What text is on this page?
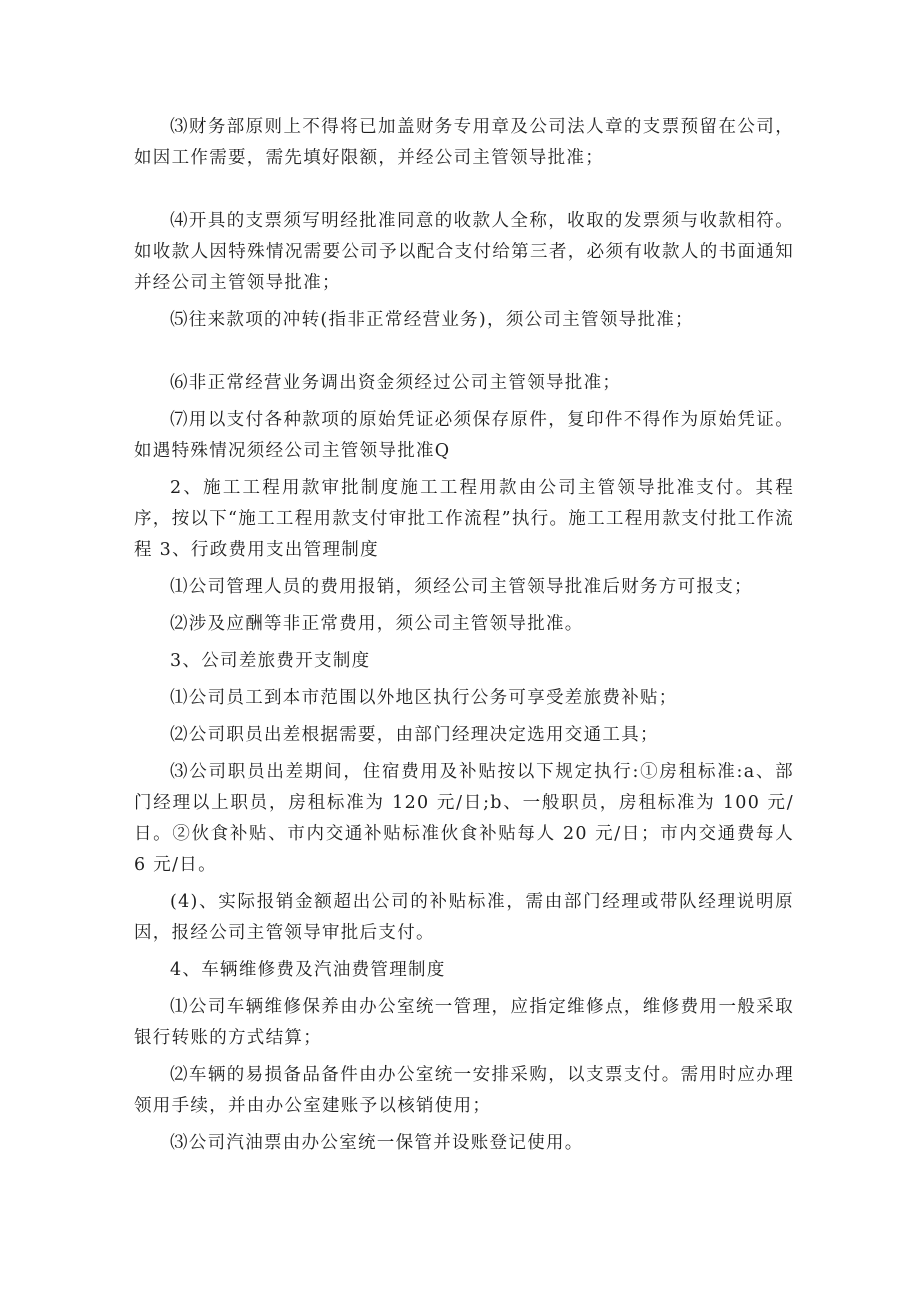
⑶财务部原则上不得将已加盖财务专用章及公司法人章的支票预留在公司，如因工作需要，需先填好限额，并经公司主管领导批准；

⑷开具的支票须写明经批准同意的收款人全称，收取的发票须与收款相符。如收款人因特殊情况需要公司予以配合支付给第三者，必须有收款人的书面通知并经公司主管领导批准；

⑸往来款项的冲转(指非正常经营业务)，须公司主管领导批准；

⑹非正常经营业务调出资金须经过公司主管领导批准；

⑺用以支付各种款项的原始凭证必须保存原件，复印件不得作为原始凭证。如遇特殊情况须经公司主管领导批准Q

2、施工工程用款审批制度施工工程用款由公司主管领导批准支付。其程序，按以下“施工工程用款支付审批工作流程”执行。施工工程用款支付批工作流程 3、行政费用支出管理制度

⑴公司管理人员的费用报销，须经公司主管领导批准后财务方可报支；

⑵涉及应酬等非正常费用，须公司主管领导批准。

3、公司差旅费开支制度

⑴公司员工到本市范围以外地区执行公务可享受差旅费补贴；

⑵公司职员出差根据需要，由部门经理决定选用交通工具；

⑶公司职员出差期间，住宿费用及补贴按以下规定执行:①房租标准:a、部门经理以上职员，房租标准为 120 元/日;b、一般职员，房租标准为 100 元/日。②伙食补贴、市内交通补贴标准伙食补贴每人 20 元/日；市内交通费每人 6 元/日。

(4)、实际报销金额超出公司的补贴标准，需由部门经理或带队经理说明原因，报经公司主管领导审批后支付。

4、车辆维修费及汽油费管理制度

⑴公司车辆维修保养由办公室统一管理，应指定维修点，维修费用一般采取银行转账的方式结算；

⑵车辆的易损备品备件由办公室统一安排采购，以支票支付。需用时应办理领用手续，并由办公室建账予以核销使用；

⑶公司汽油票由办公室统一保管并设账登记使用。
